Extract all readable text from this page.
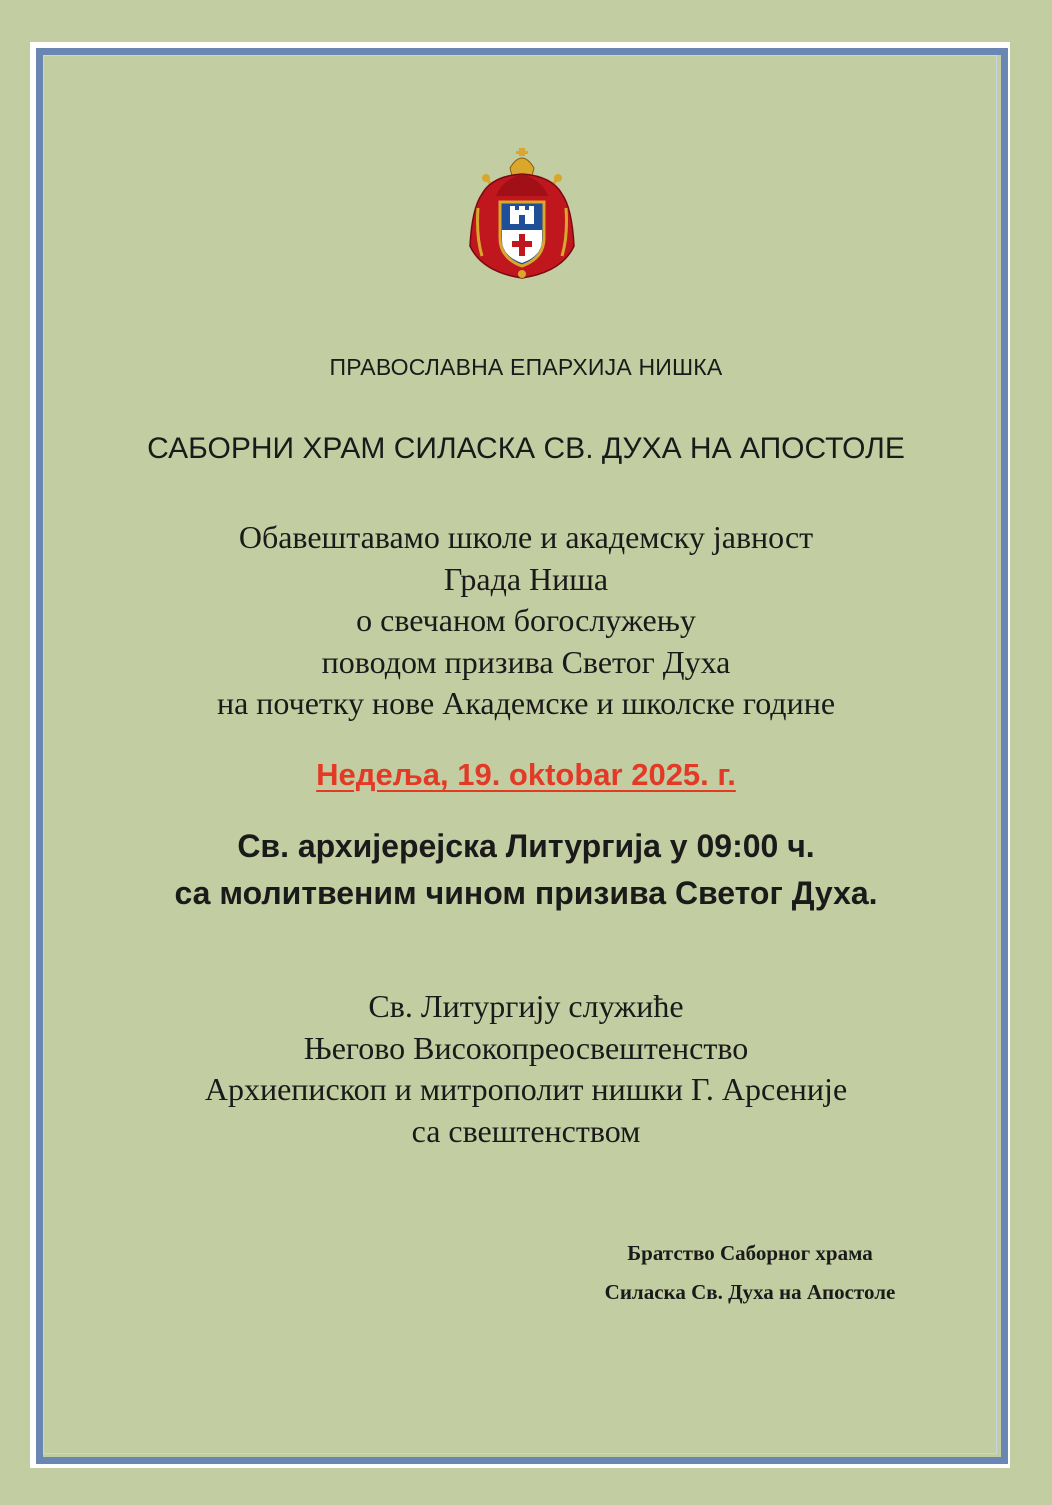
ПРАВОСЛАВНА ЕПАРХИЈА НИШКА
САБОРНИ ХРАМ СИЛАСКА СВ. ДУХА НА АПОСТОЛЕ
Обавештавамо школе и академску јавност
Града Ниша
о свечаном богослужењу
поводом призива Светог Духа
на почетку нове Академске и школске године
Недеља, 19. oktobar 2025. г.
Св. архијерејска Литургија у 09:00 ч.
са молитвеним чином призива Светог Духа.
Св. Литургију служиће
Његово Високопреосвештенство
Архиепископ и митрополит нишки Г. Арсеније
са свештенством
Братство Саборног храма
Силаска Св. Духа на Апостоле
